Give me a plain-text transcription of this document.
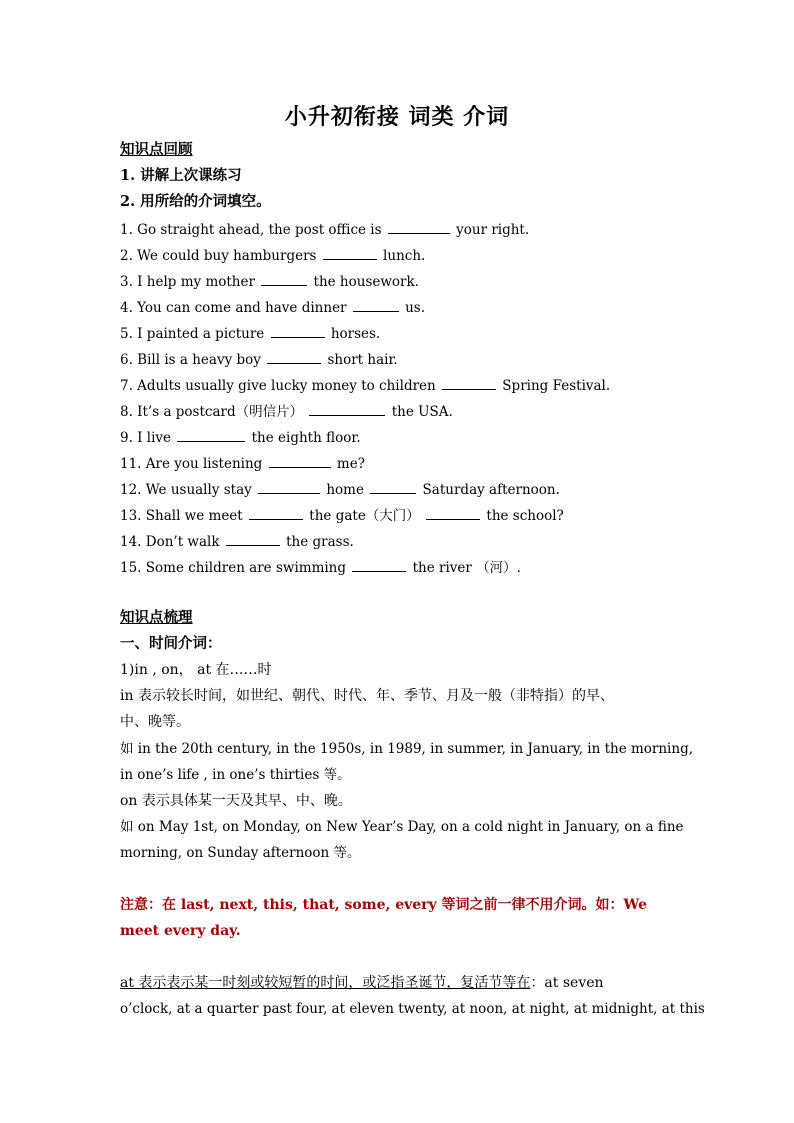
小升初衔接 词类 介词
知识点回顾
1. 讲解上次课练习
2. 用所给的介词填空。
1. Go straight ahead, the post office is	your right.
2. We could buy hamburgers	lunch.
3. I help my mother	the housework.
4. You can come and have dinner	us.
5. I painted a picture	horses.
6. Bill is a heavy boy	short hair.
7. Adults usually give lucky money to children	Spring Festival.
8. It’s a postcard（明信片）	the USA.
9. I live	the eighth floor.
11. Are you listening	me?
12. We usually stay	home	Saturday afternoon.
13. Shall we meet	the gate（大门）	the school?
14. Don’t walk	the grass.
15. Some children are swimming	the river （河）.
知识点梳理
一、时间介词：
1)in , on， at 在……时
in 表示较长时间，如世纪、朝代、时代、年、季节、月及一般（非特指）的早、
中、晚等。
如 in the 20th century, in the 1950s, in 1989, in summer, in January, in the morning,
in one’s life , in one’s thirties 等。
on 表示具体某一天及其早、中、晚。
如 on May 1st, on Monday, on New Year’s Day, on a cold night in January, on a fine
morning, on Sunday afternoon 等。
注意：在 last, next, this, that, some, every 等词之前一律不用介词。如：We
meet every day.
at 表示表示某一时刻或较短暂的时间，或泛指圣诞节，复活节等在：at seven
o’clock, at a quarter past four, at eleven twenty, at noon, at night, at midnight, at this
